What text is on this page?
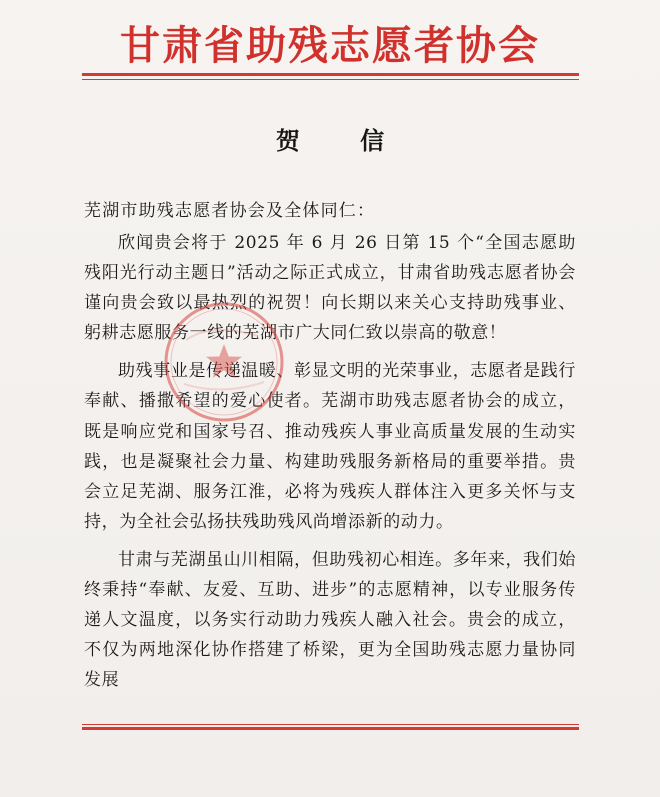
甘肃省助残志愿者协会
贺 信
芜湖市助残志愿者协会及全体同仁：

欣闻贵会将于 2025 年 6 月 26 日第 15 个“全国志愿助残阳光行动主题日”活动之际正式成立，甘肃省助残志愿者协会谨向贵会致以最热烈的祝贺！向长期以来关心支持助残事业、躬耕志愿服务一线的芜湖市广大同仁致以崇高的敬意！

助残事业是传递温暖、彰显文明的光荣事业，志愿者是践行奉献、播撒希望的爱心使者。芜湖市助残志愿者协会的成立，既是响应党和国家号召、推动残疾人事业高质量发展的生动实践，也是凝聚社会力量、构建助残服务新格局的重要举措。贵会立足芜湖、服务江淮，必将为残疾人群体注入更多关怀与支持，为全社会弘扬扶残助残风尚增添新的动力。

甘肃与芜湖虽山川相隔，但助残初心相连。多年来，我们始终秉持“奉献、友爱、互助、进步”的志愿精神，以专业服务传递人文温度，以务实行动助力残疾人融入社会。贵会的成立，不仅为两地深化协作搭建了桥梁，更为全国助残志愿力量协同发展
